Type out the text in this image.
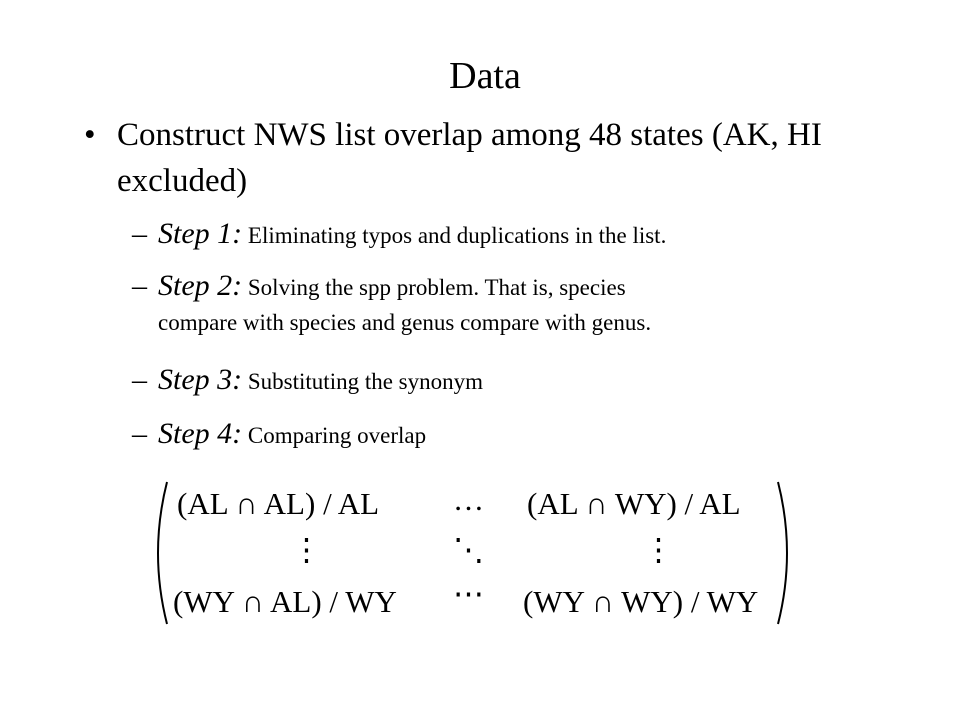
Data
• Construct NWS list overlap among 48 states (AK, HI excluded)
– Step 1: Eliminating typos and duplications in the list.
– Step 2: Solving the spp problem. That is, species
compare with species and genus compare with genus.
– Step 3: Substituting the synonym
– Step 4: Comparing overlap
(AL ∩ AL) / AL … (AL ∩ WY) / AL
⋮	⋱	⋮
(WY ∩ AL) / WY ⋯ (WY ∩ WY) / WY
